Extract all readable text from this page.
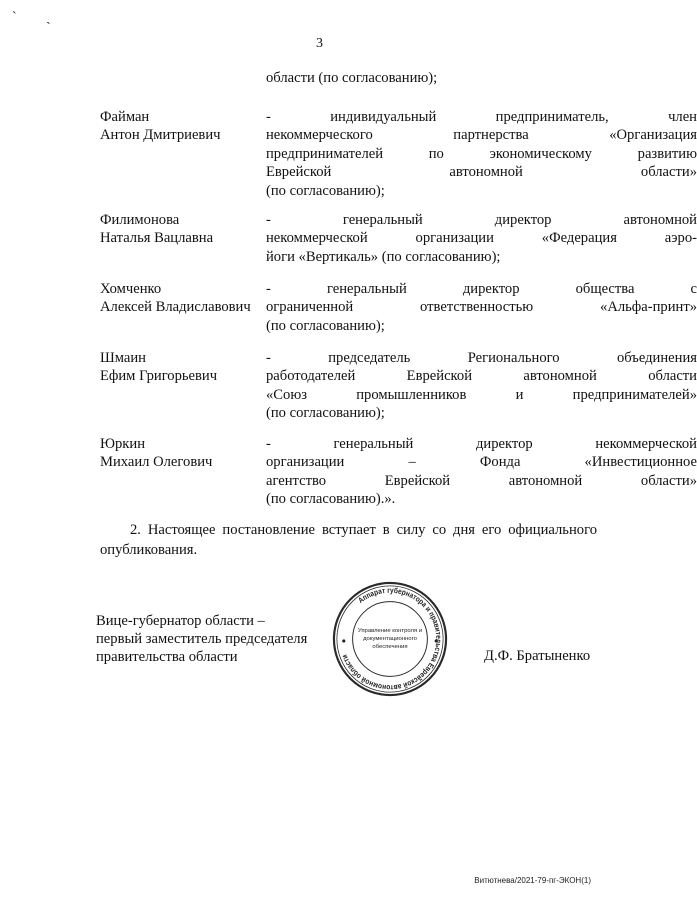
` ˏ
3
области (по согласованию);
Файман
Антон Дмитриевич
- индивидуальный предприниматель, член
некоммерческого партнерства «Организация
предпринимателей по экономическому развитию
Еврейской автономной области»
(по согласованию);
Филимонова
Наталья Вацлавна
- генеральный директор автономной
некоммерческой организации «Федерация аэро-
йоги «Вертикаль» (по согласованию);
Хомченко
Алексей Владиславович
- генеральный директор общества с
ограниченной ответственностью «Альфа-принт»
(по согласованию);
Шмаин
Ефим Григорьевич
- председатель Регионального объединения
работодателей Еврейской автономной области
«Союз промышленников и предпринимателей»
(по согласованию);
Юркин
Михаил Олегович
- генеральный директор некоммерческой
организации – Фонда «Инвестиционное
агентство Еврейской автономной области»
(по согласованию).».
2. Настоящее постановление вступает в силу со дня его официального
опубликования.
Вице-губернатор области –
первый заместитель председателя
правительства области
Аппарат губернатора и правительства Еврейской автономной области
Управление контроля и
документационного
обеспечения
Д.Ф. Братыненко
Витютнева/2021-79-пг-ЭКОН(1)
